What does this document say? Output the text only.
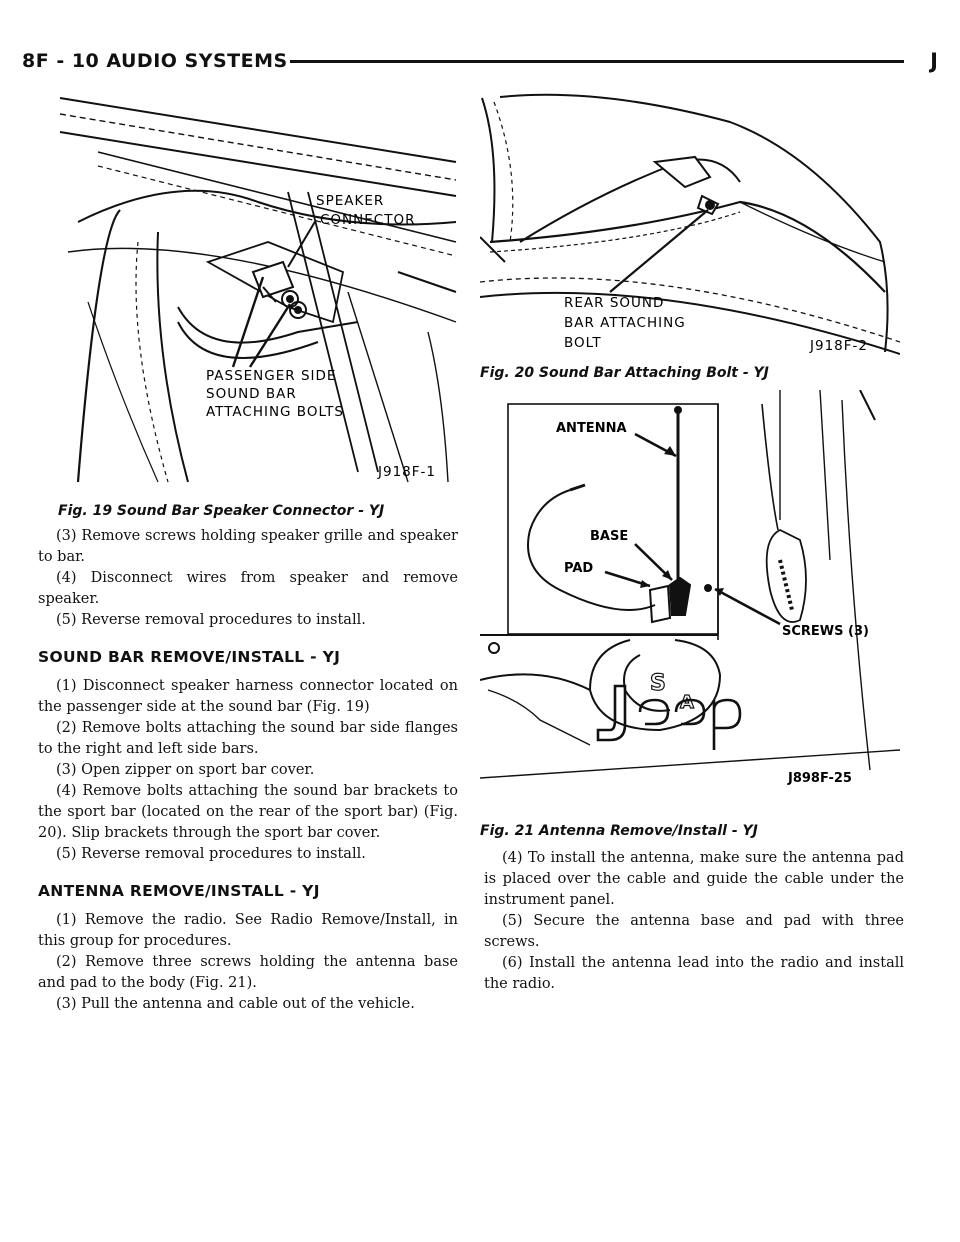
8F - 10 AUDIO SYSTEMS	J
SPEAKER
CONNECTOR
PASSENGER SIDE
SOUND BAR
ATTACHING BOLTS
J918F-1
Fig. 19 Sound Bar Speaker Connector - YJ
REAR SOUND
BAR ATTACHING
BOLT	J918F-2
Fig. 20 Sound Bar Attaching Bolt - YJ
S
A
ANTENNA
BASE
PAD
SCREWS (3)
J898F-25
Fig. 21 Antenna Remove/Install - YJ

(3) Remove screws holding speaker grille and speaker to bar.

(4) Disconnect wires from speaker and remove speaker.

(5) Reverse removal procedures to install.

SOUND BAR REMOVE/INSTALL - YJ

(1) Disconnect speaker harness connector located on the passenger side at the sound bar (Fig. 19)

(2) Remove bolts attaching the sound bar side flanges to the right and left side bars.

(3) Open zipper on sport bar cover.

(4) Remove bolts attaching the sound bar brackets to the sport bar (located on the rear of the sport bar) (Fig. 20). Slip brackets through the sport bar cover.

(5) Reverse removal procedures to install.

ANTENNA REMOVE/INSTALL - YJ

(1) Remove the radio. See Radio Remove/Install, in this group for procedures.

(2) Remove three screws holding the antenna base and pad to the body (Fig. 21).

(3) Pull the antenna and cable out of the vehicle.

(4) To install the antenna, make sure the antenna pad is placed over the cable and guide the cable under the instrument panel.

(5) Secure the antenna base and pad with three screws.

(6) Install the antenna lead into the radio and install the radio.
